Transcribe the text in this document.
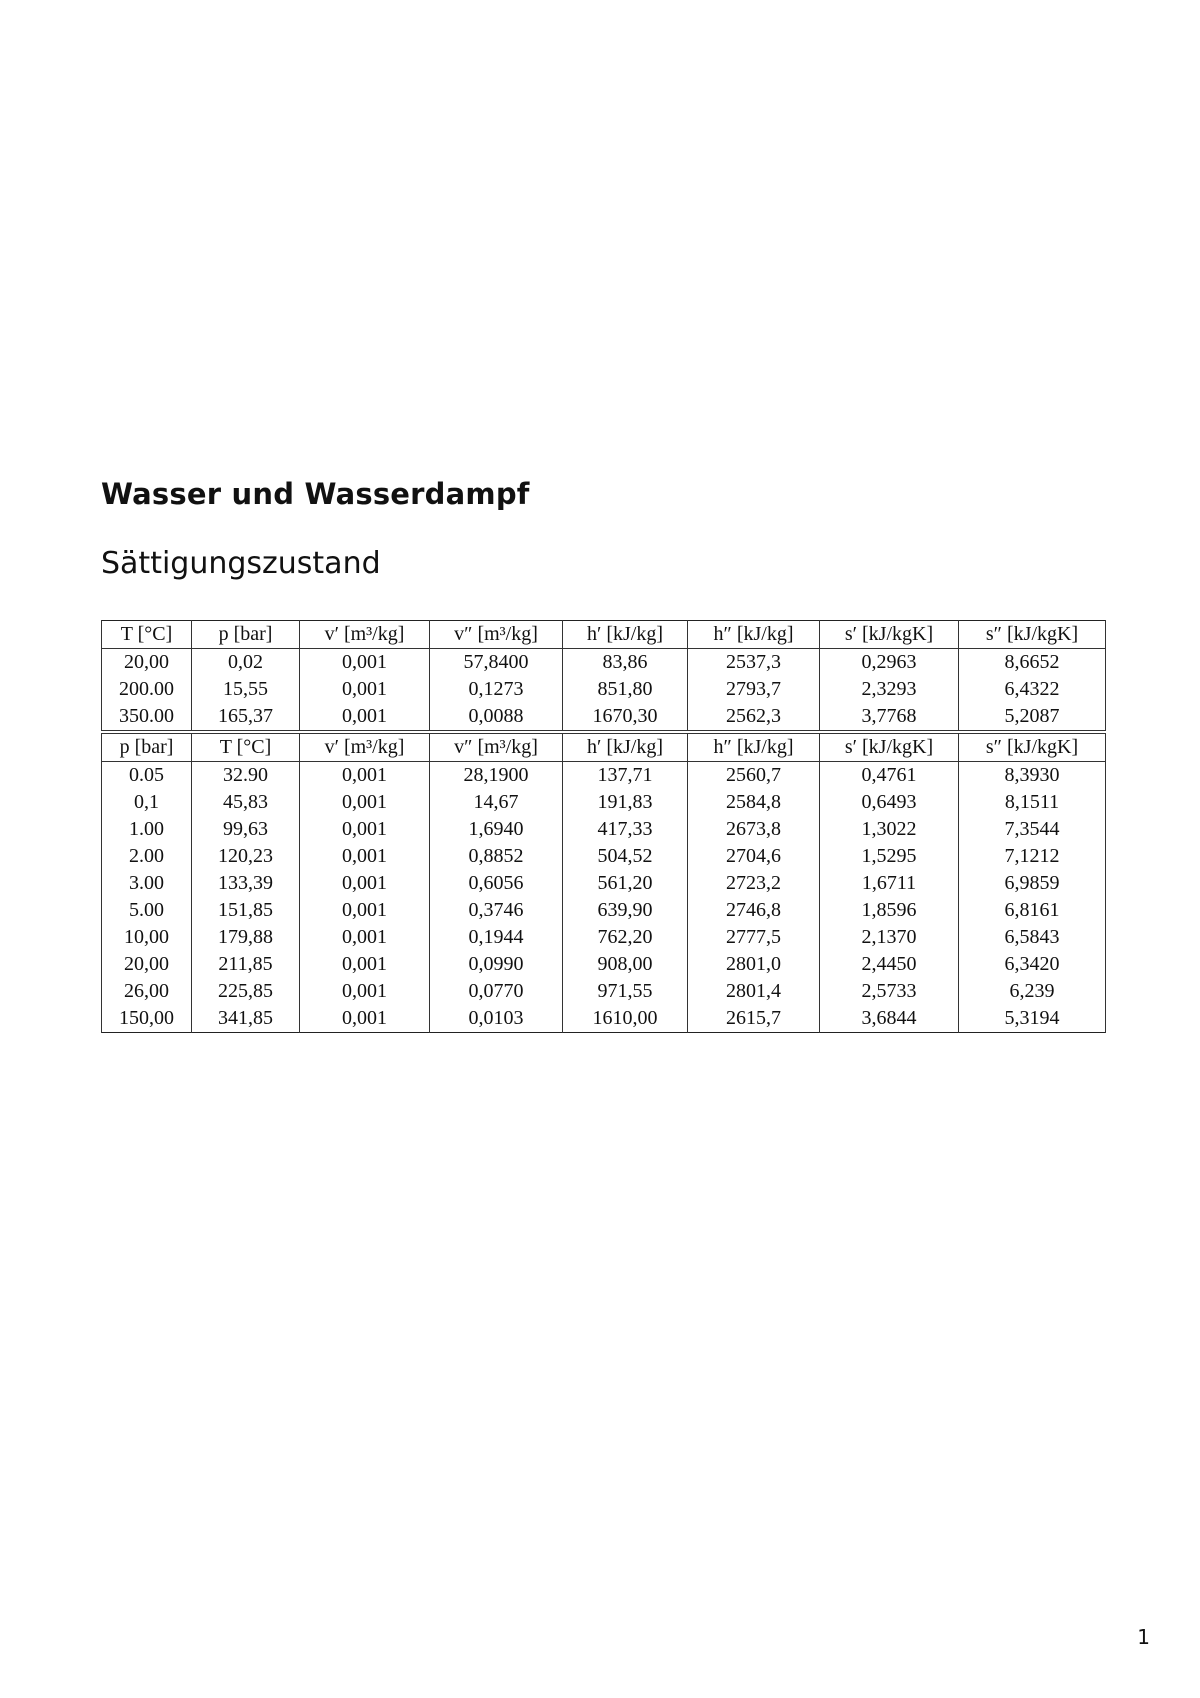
Wasser und Wasserdampf
Sättigungszustand
T [°C]	p [bar]	v′ [m³/kg]	v″ [m³/kg]	h′ [kJ/kg]	h″ [kJ/kg]	s′ [kJ/kgK]	s″ [kJ/kgK]
20,00	0,02	0,001	57,8400	83,86	2537,3	0,2963	8,6652
200.00	15,55	0,001	0,1273	851,80	2793,7	2,3293	6,4322
350.00	165,37	0,001	0,0088	1670,30	2562,3	3,7768	5,2087
p [bar]	T [°C]	v′ [m³/kg]	v″ [m³/kg]	h′ [kJ/kg]	h″ [kJ/kg]	s′ [kJ/kgK]	s″ [kJ/kgK]
0.05	32.90	0,001	28,1900	137,71	2560,7	0,4761	8,3930
0,1	45,83	0,001	14,67	191,83	2584,8	0,6493	8,1511
1.00	99,63	0,001	1,6940	417,33	2673,8	1,3022	7,3544
2.00	120,23	0,001	0,8852	504,52	2704,6	1,5295	7,1212
3.00	133,39	0,001	0,6056	561,20	2723,2	1,6711	6,9859
5.00	151,85	0,001	0,3746	639,90	2746,8	1,8596	6,8161
10,00	179,88	0,001	0,1944	762,20	2777,5	2,1370	6,5843
20,00	211,85	0,001	0,0990	908,00	2801,0	2,4450	6,3420
26,00	225,85	0,001	0,0770	971,55	2801,4	2,5733	6,239
150,00	341,85	0,001	0,0103	1610,00	2615,7	3,6844	5,3194
1
